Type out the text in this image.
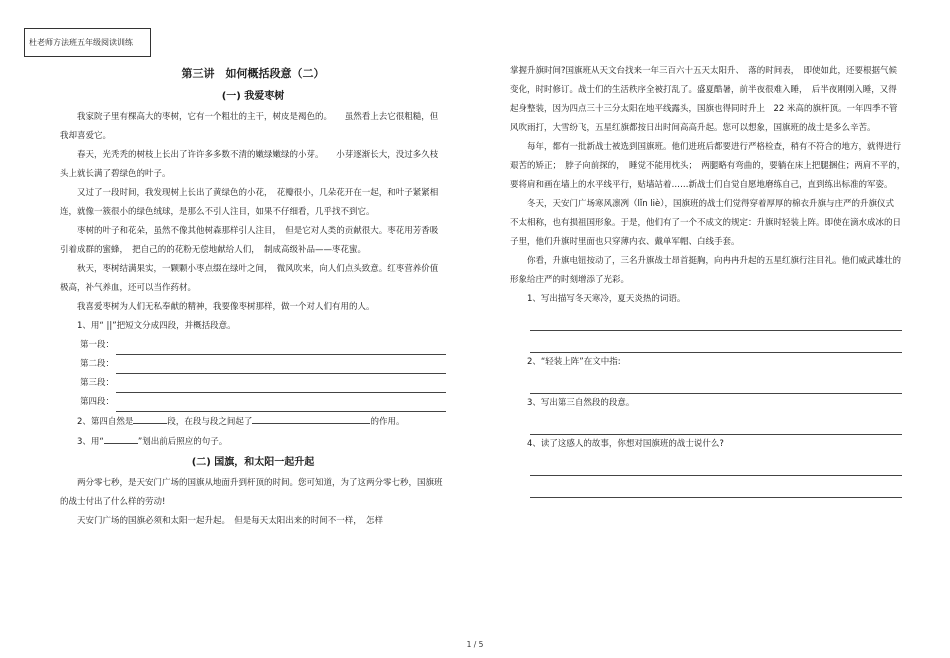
杜老师方法班五年级阅读训练
第三讲　如何概括段意（二）
(一) 我爱枣树

我家院子里有棵高大的枣树，它有一个粗壮的主干，树皮是褐色的。　　虽然看上去它很粗糙，但我却喜爱它。

春天，光秃秃的树枝上长出了许许多多数不清的嫩绿嫩绿的小芽。　　小芽逐渐长大，没过多久枝头上就长满了碧绿色的叶子。

又过了一段时间，我发现树上长出了黄绿色的小花，　花瓣很小，几朵花开在一起，和叶子紧紧相连，就像一簇很小的绿色绒球，是那么不引人注目，如果不仔细看，几乎找不到它。

枣树的叶子和花朵，虽然不像其他树森那样引人注目，　但是它对人类的贡献很大。枣花用芳香吸引着成群的蜜蜂，　把自己的的花粉无偿地献给人们，　制成高级补品——枣花蜜。

秋天，枣树结满果实，一颗颗小枣点缀在绿叶之间，　微风吹来，向人们点头致意。红枣营养价值极高，补气养血，还可以当作药材。

我喜爱枣树为人们无私奉献的精神，我要像枣树那样，做一个对人们有用的人。

1、用“ ||”把短文分成四段，并概括段意。

第一段：
第二段：
第三段：
第四段：

2、第四自然是	段，在段与段之间起了	的作用。

3、用“	”划出前后照应的句子。

(二) 国旗，和太阳一起升起

两分零七秒，是天安门广场的国旗从地面升到杆顶的时间。您可知道，为了这两分零七秒，国旗班的战士付出了什么样的劳动!

天安门广场的国旗必须和太阳一起升起。　但是每天太阳出来的时间不一样，　怎样

掌握升旗时间?国旗班从天文台找来一年三百六十五天太阳升、　落的时间表，　即使如此，还要根据气候变化，时时修订。战士们的生活秩序全被打乱了。盛夏酷暑，前半夜很难入睡，　后半夜刚刚入睡，又得起身整装，因为四点三十三分太阳在地平线露头，国旗也得同时升上　22 米高的旗杆顶。一年四季不管风吹雨打，大雪纷飞，五星红旗都按日出时间高高升起。您可以想象，国旗班的战士是多么辛苦。

每年，都有一批新战士被选到国旗班。他们进班后都要进行严格检查，稍有不符合的地方，就得进行艰苦的矫正；　脖子向前探的，　睡觉不能用枕头；　两腿略有弯曲的，要躺在床上把腿捆住；两肩不平的，　要将肩和画在墙上的水平线平行，贴墙站着……新战士们自觉自愿地磨练自己，直到练出标准的军姿。

冬天，天安门广场寒风凛冽（lǐn liè），国旗班的战士们觉得穿着厚厚的棉衣升旗与庄严的升旗仪式不太相称，也有损祖国形象。于是，他们有了一个不成文的规定：升旗时轻装上阵。即使在滴水成冰的日子里，他们升旗时里面也只穿薄内衣、戴单军帽、白线手套。

你看，升旗电钮按动了，三名升旗战士昂首挺胸，向冉冉升起的五星红旗行注目礼。他们威武雄壮的形象给庄严的时刻增添了光彩。

1、写出描写冬天寒冷，夏天炎热的词语。

2、“轻装上阵”在文中指:

3、写出第三自然段的段意。

4、读了这感人的故事，你想对国旗班的战士说什么?

1 / 5
